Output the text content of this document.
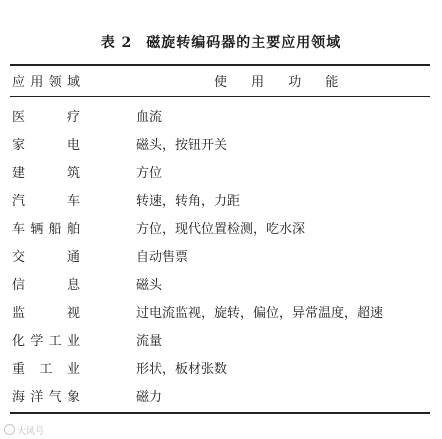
表 2 磁旋转编码器的主要应用领域
应用领域	使 用 功 能
医疗	血流
家电	磁头，按钮开关
建筑	方位
汽车	转速，转角，力距
车辆船舶	方位，现代位置检测，吃水深
交通	自动售票
信息	磁头
监视	过电流监视，旋转，偏位，异常温度，超速
化学工业	流量
重工业	形状，板材张数
海洋气象	磁力
大风号
